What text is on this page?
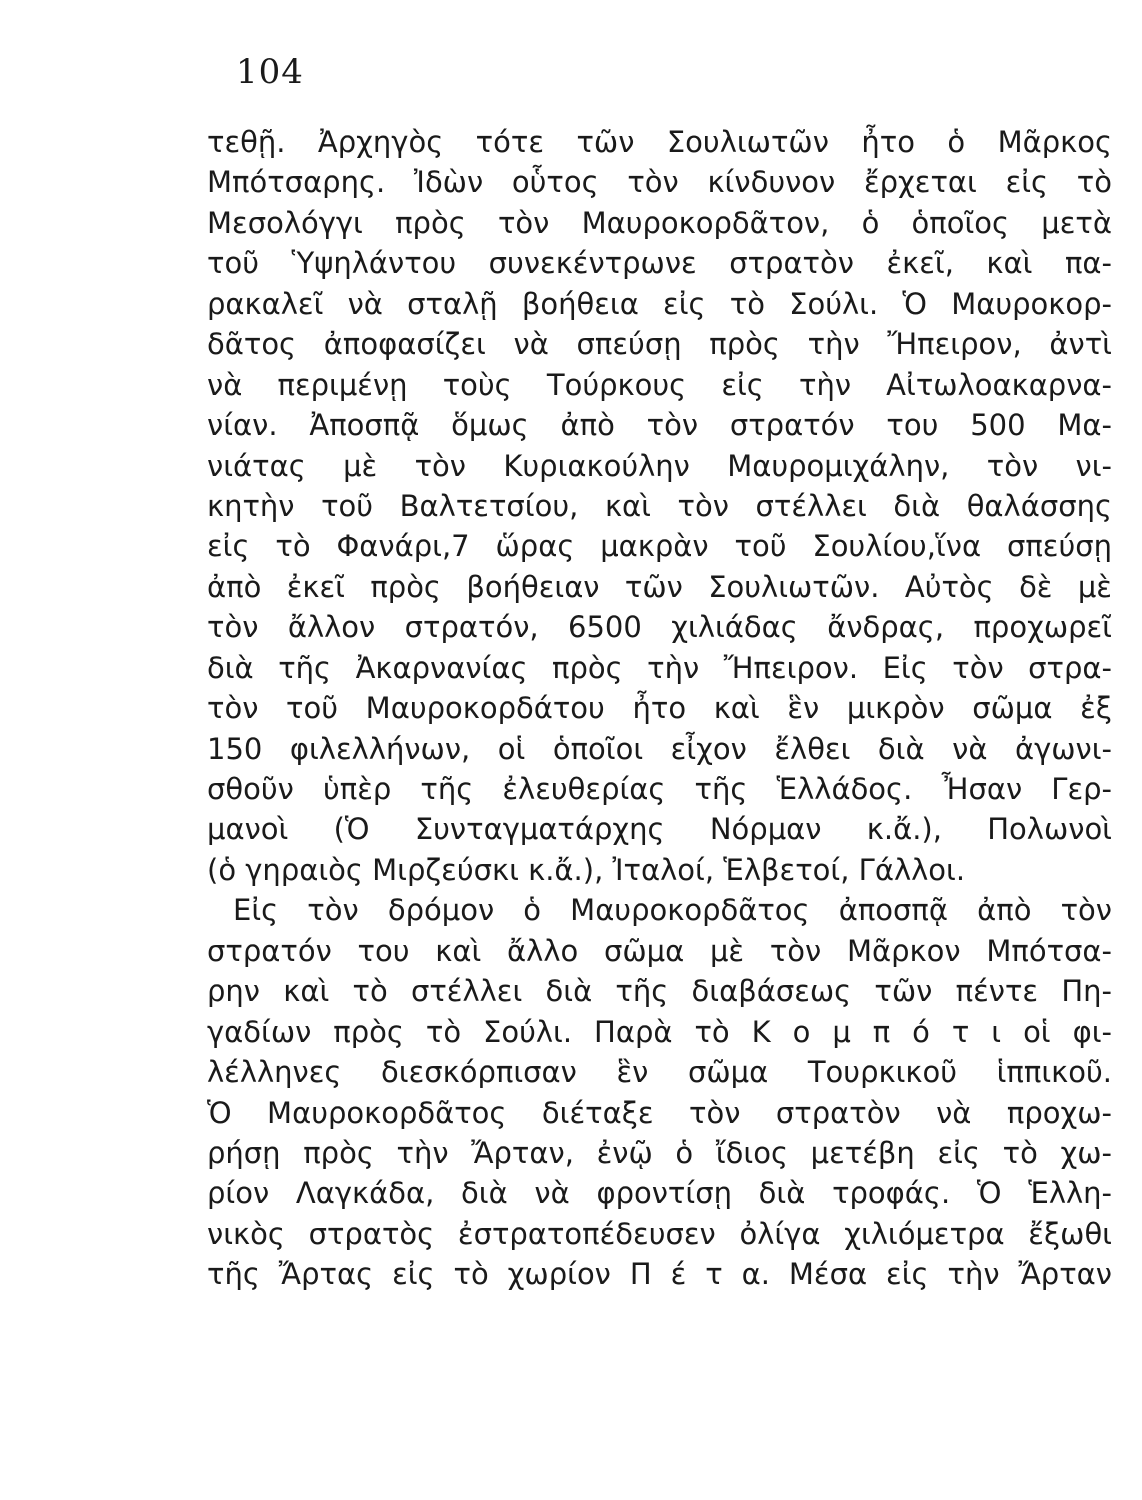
104
τεθῇ. Ἀρχηγὸς τότε τῶν Σουλιωτῶν ἦτο ὁ Μᾶρκος
Μπότσαρης. Ἰδὼν οὗτος τὸν κίνδυνον ἔρχεται εἰς τὸ
Μεσολόγγι πρὸς τὸν Μαυροκορδᾶτον, ὁ ὁποῖος μετὰ
τοῦ Ὑψηλάντου συνεκέντρωνε στρατὸν ἐκεῖ, καὶ πα-
ρακαλεῖ νὰ σταλῇ βοήθεια εἰς τὸ Σούλι. Ὁ Μαυροκορ-
δᾶτος ἀποφασίζει νὰ σπεύσῃ πρὸς τὴν Ἤπειρον, ἀντὶ
νὰ περιμένῃ τοὺς Τούρκους εἰς τὴν Αἰτωλοακαρνα-
νίαν. Ἀποσπᾷ ὅμως ἀπὸ τὸν στρατόν του 500 Μα-
νιάτας μὲ τὸν Κυριακούλην Μαυρομιχάλην, τὸν νι-
κητὴν τοῦ Βαλτετσίου, καὶ τὸν στέλλει διὰ θαλάσσης
εἰς τὸ Φανάρι,7 ὥρας μακρὰν τοῦ Σουλίου,ἵνα σπεύσῃ
ἀπὸ ἐκεῖ πρὸς βοήθειαν τῶν Σουλιωτῶν. Αὐτὸς δὲ μὲ
τὸν ἄλλον στρατόν, 6500 χιλιάδας ἄνδρας, προχωρεῖ
διὰ τῆς Ἀκαρνανίας πρὸς τὴν Ἤπειρον. Εἰς τὸν στρα-
τὸν τοῦ Μαυροκορδάτου ἦτο καὶ ἓν μικρὸν σῶμα ἐξ
150 φιλελλήνων, οἱ ὁποῖοι εἶχον ἔλθει διὰ νὰ ἀγωνι-
σθοῦν ὑπὲρ τῆς ἐλευθερίας τῆς Ἑλλάδος. Ἦσαν Γερ-
μανοὶ (Ὁ Συνταγματάρχης Νόρμαν κ.ἄ.), Πολωνοὶ
(ὁ γηραιὸς Μιρζεύσκι κ.ἄ.), Ἰταλοί, Ἑλβετοί, Γάλλοι.
Εἰς τὸν δρόμον ὁ Μαυροκορδᾶτος ἀποσπᾷ ἀπὸ τὸν
στρατόν του καὶ ἄλλο σῶμα μὲ τὸν Μᾶρκον Μπότσα-
ρην καὶ τὸ στέλλει διὰ τῆς διαβάσεως τῶν πέντε Πη-
γαδίων πρὸς τὸ Σούλι. Παρὰ τὸ Κ ο μ π ό τ ι οἱ φι-
λέλληνες διεσκόρπισαν ἓν σῶμα Τουρκικοῦ ἱππικοῦ.
Ὁ Μαυροκορδᾶτος διέταξε τὸν στρατὸν νὰ προχω-
ρήσῃ πρὸς τὴν Ἄρταν, ἐνῷ ὁ ἴδιος μετέβη εἰς τὸ χω-
ρίον Λαγκάδα, διὰ νὰ φροντίσῃ διὰ τροφάς. Ὁ Ἑλλη-
νικὸς στρατὸς ἐστρατοπέδευσεν ὀλίγα χιλιόμετρα ἔξωθι
τῆς Ἄρτας εἰς τὸ χωρίον Π έ τ α. Μέσα εἰς τὴν Ἄρταν
